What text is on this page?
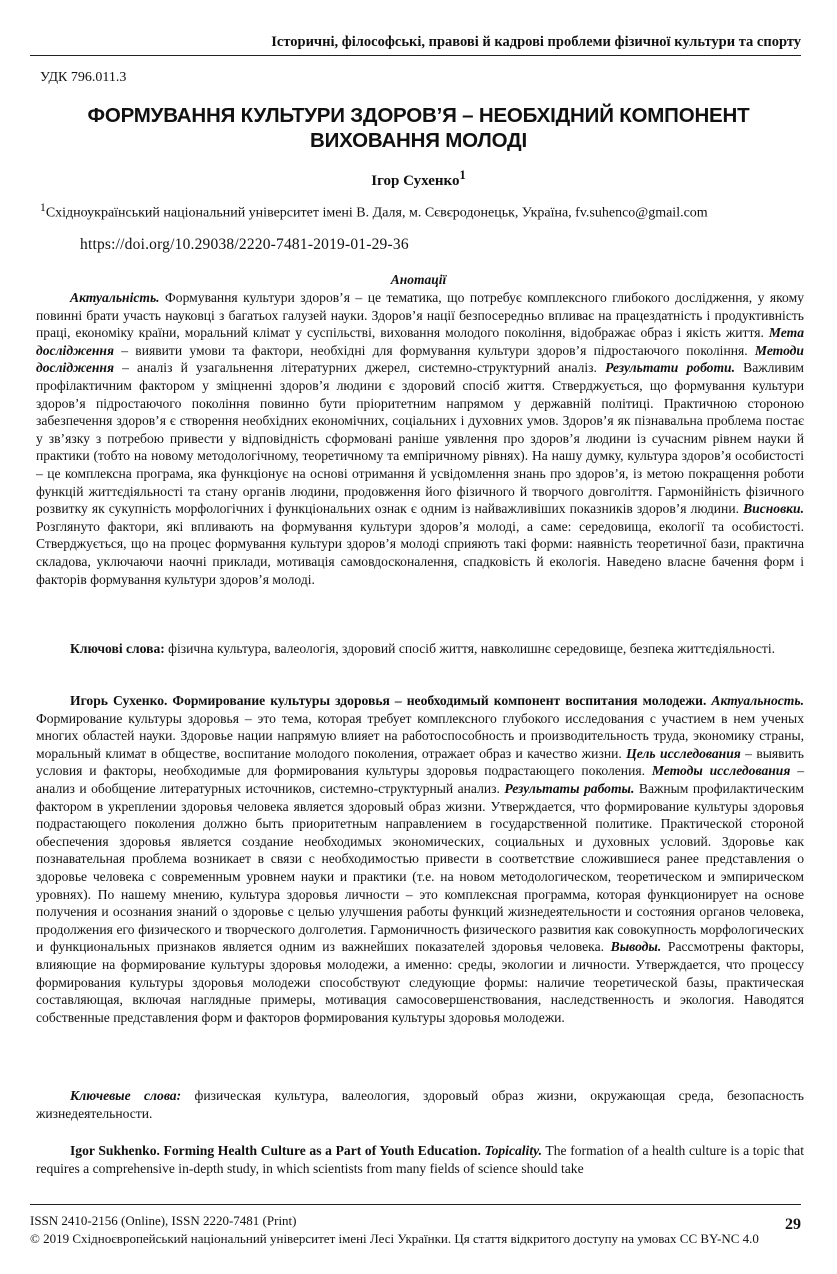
Історичні, філософські, правові й кадрові проблеми фізичної культури та спорту
УДК 796.011.3
ФОРМУВАННЯ КУЛЬТУРИ ЗДОРОВ’Я – НЕОБХІДНИЙ КОМПОНЕНТ
ВИХОВАННЯ МОЛОДІ
Ігор Сухенко$^1$
$^1$Східноукраїнський національний університет імені В. Даля, м. Сєвєродонецьк, Україна, fv.suhenco@gmail.com
https://doi.org/10.29038/2220-7481-2019-01-29-36
Анотації

Актуальність. Формування культури здоров’я – це тематика, що потребує комплексного глибокого дослідження, у якому повинні брати участь науковці з багатьох галузей науки. Здоров’я нації безпосередньо впливає на працездатність і продуктивність праці, економіку країни, моральний клімат у суспільстві, виховання молодого покоління, відображає образ і якість життя. Мета дослідження – виявити умови та фактори, необхідні для формування культури здоров’я підростаючого покоління. Методи дослідження – аналіз й узагальнення літературних джерел, системно-структурний аналіз. Результати роботи. Важливим профілактичним фактором у зміцненні здоров’я людини є здоровий спосіб життя. Стверджується, що формування культури здоров’я підростаючого покоління повинно бути пріоритетним напрямом у державній політиці. Практичною стороною забезпечення здоров’я є створення необхідних економічних, соціальних і духовних умов. Здоров’я як пізнавальна проблема постає у зв’язку з потребою привести у відповідність сформовані раніше уявлення про здоров’я людини із сучасним рівнем науки й практики (тобто на новому методологічному, теоретичному та емпіричному рівнях). На нашу думку, культура здоров’я особистості – це комплексна програма, яка функціонує на основі отримання й усвідомлення знань про здоров’я, із метою покращення роботи функцій життєдіяльності та стану органів людини, продовження його фізичного й творчого довголіття. Гармонійність фізичного розвитку як сукупність морфологічних і функціональних ознак є одним із найважливіших показників здоров’я людини. Висновки. Розглянуто фактори, які впливають на формування культури здоров’я молоді, а саме: середовища, екології та особистості. Стверджується, що на процес формування культури здоров’я молоді сприяють такі форми: наявність теоретичної бази, практична складова, уключаючи наочні приклади, мотивація самовдосконалення, спадковість й екологія. Наведено власне бачення форм і факторів формування культури здоров’я молоді.

Ключові слова: фізична культура, валеологія, здоровий спосіб життя, навколишнє середовище, безпека життєдіяльності.

Игорь Сухенко. Формирование культуры здоровья – необходимый компонент воспитания молодежи. Актуальность. Формирование культуры здоровья – это тема, которая требует комплексного глубокого исследования с участием в нем ученых многих областей науки. Здоровье нации напрямую влияет на работоспособность и производительность труда, экономику страны, моральный климат в обществе, воспитание молодого поколения, отражает образ и качество жизни. Цель исследования – выявить условия и факторы, необходимые для формирования культуры здоровья подрастающего поколения. Методы исследования – анализ и обобщение литературных источников, системно-структурный анализ. Результаты работы. Важным профилактическим фактором в укреплении здоровья человека является здоровый образ жизни. Утверждается, что формирование культуры здоровья подрастающего поколения должно быть приоритетным направлением в государственной политике. Практической стороной обеспечения здоровья является создание необходимых экономических, социальных и духовных условий. Здоровье как познавательная проблема возникает в связи с необходимостью привести в соответствие сложившиеся ранее представления о здоровье человека с современным уровнем науки и практики (т.е. на новом методологическом, теоретическом и эмпирическом уровнях). По нашему мнению, культура здоровья личности – это комплексная программа, которая функционирует на основе получения и осознания знаний о здоровье с целью улучшения работы функций жизнедеятельности и состояния органов человека, продолжения его физического и творческого долголетия. Гармоничность физического развития как совокупность морфологических и функциональных признаков является одним из важнейших показателей здоровья человека. Выводы. Рассмотрены факторы, влияющие на формирование культуры здоровья молодежи, а именно: среды, экологии и личности. Утверждается, что процессу формирования культуры здоровья молодежи способствуют следующие формы: наличие теоретической базы, практическая составляющая, включая наглядные примеры, мотивация самосовершенствования, наследственность и экология. Наводятся собственные представления форм и факторов формирования культуры здоровья молодежи.

Ключевые слова: физическая культура, валеология, здоровый образ жизни, окружающая среда, безопасность жизнедеятельности.

Igor Sukhenko. Forming Health Culture as a Part of Youth Education. Topicality. The formation of a health culture is a topic that requires a comprehensive in-depth study, in which scientists from many fields of science should take

ISSN 2410-2156 (Online), ISSN 2220-7481 (Print)
© 2019 Східноєвропейський національний університет імені Лесі Українки. Ця стаття відкритого доступу на умовах CC BY-NC 4.0
29
